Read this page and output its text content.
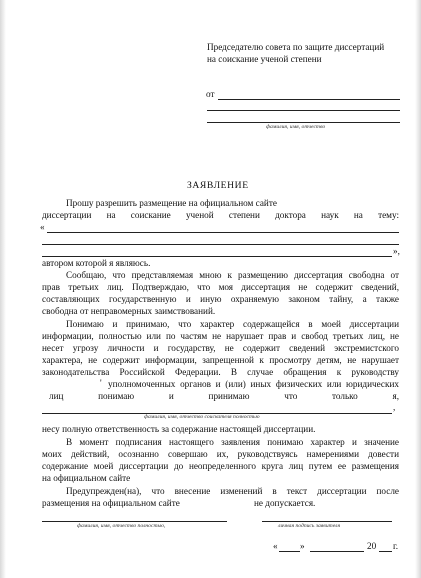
Председателю совета по защите диссертаций
на соискание ученой степени
от
фамилия, имя, отчество
ЗАЯВЛЕНИЕ
Прошу разрешить размещение на официальном сайте
диссертации на соискание ученой степени доктора наук на тему:
«
»,
автором которой я являюсь.
Сообщаю, что представляемая мною к размещению диссертация свободна от
прав третьих лиц. Подтверждаю, что моя диссертация не содержит сведений,
составляющих государственную и иную охраняемую законом тайну, а также
свободна от неправомерных заимствований.
Понимаю и принимаю, что характер содержащейся в моей диссертации
информации, полностью или по частям не нарушает прав и свобод третьих лиц, не
несет угрозу личности и государству, не содержит сведений экстремистского
характера, не содержит информации, запрещенной к просмотру детям, не нарушает
законодательства Российской Федерации. В случае обращения к руководству
' уполномоченных органов и (или) иных физических или юридических
лиц понимаю и принимаю что только я,
,
фамилия, имя, отчество соискателя полностью
несу полную ответственность за содержание настоящей диссертации.
В момент подписания настоящего заявления понимаю характер и значение
моих действий, осознанно совершаю их, руководствуясь намерениями довести
содержание моей диссертации до неопределенного круга лиц путем ее размещения
на официальном сайте
Предупрежден(на), что внесение изменений в текст диссертации после
размещения на официальном сайте	не допускается.
фамилия, имя, отчество полностью,	личная подпись заявителя
« »	20 г.
